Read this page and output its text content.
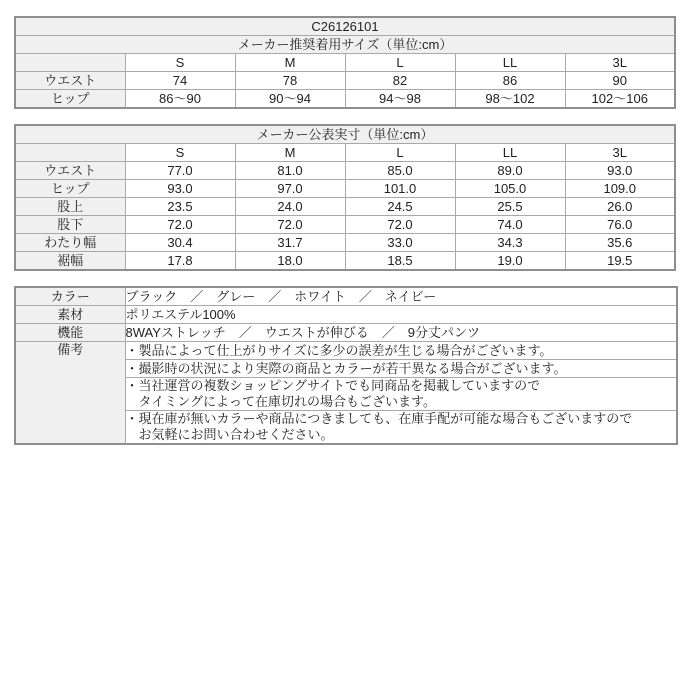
C26126101					
メーカー推奨着用サイズ（単位:cm）					
	S	M	L	LL	3L
ウエスト	74	78	82	86	90
ヒップ	86〜90	90〜94	94〜98	98〜102	102〜106
メーカー公表実寸（単位:cm）					
	S	M	L	LL	3L
ウエスト	77.0	81.0	85.0	89.0	93.0
ヒップ	93.0	97.0	101.0	105.0	109.0
股上	23.5	24.0	24.5	25.5	26.0
股下	72.0	72.0	72.0	74.0	76.0
わたり幅	30.4	31.7	33.0	34.3	35.6
裾幅	17.8	18.0	18.5	19.0	19.5
カラー	ブラック　／　グレー　／　ホワイト　／　ネイビー
素材	ポリエステル100%
機能	8WAYストレッチ　／　ウエストが伸びる　／　9分丈パンツ
備考	・製品によって仕上がりサイズに多少の誤差が生じる場合がございます。

	・撮影時の状況により実際の商品とカラーが若干異なる場合がございます。

	・当社運営の複数ショッピングサイトでも同商品を掲載していますので
タイミングによって在庫切れの場合もございます。

	・現在庫が無いカラーや商品につきましても、在庫手配が可能な場合もございますので
お気軽にお問い合わせください。
